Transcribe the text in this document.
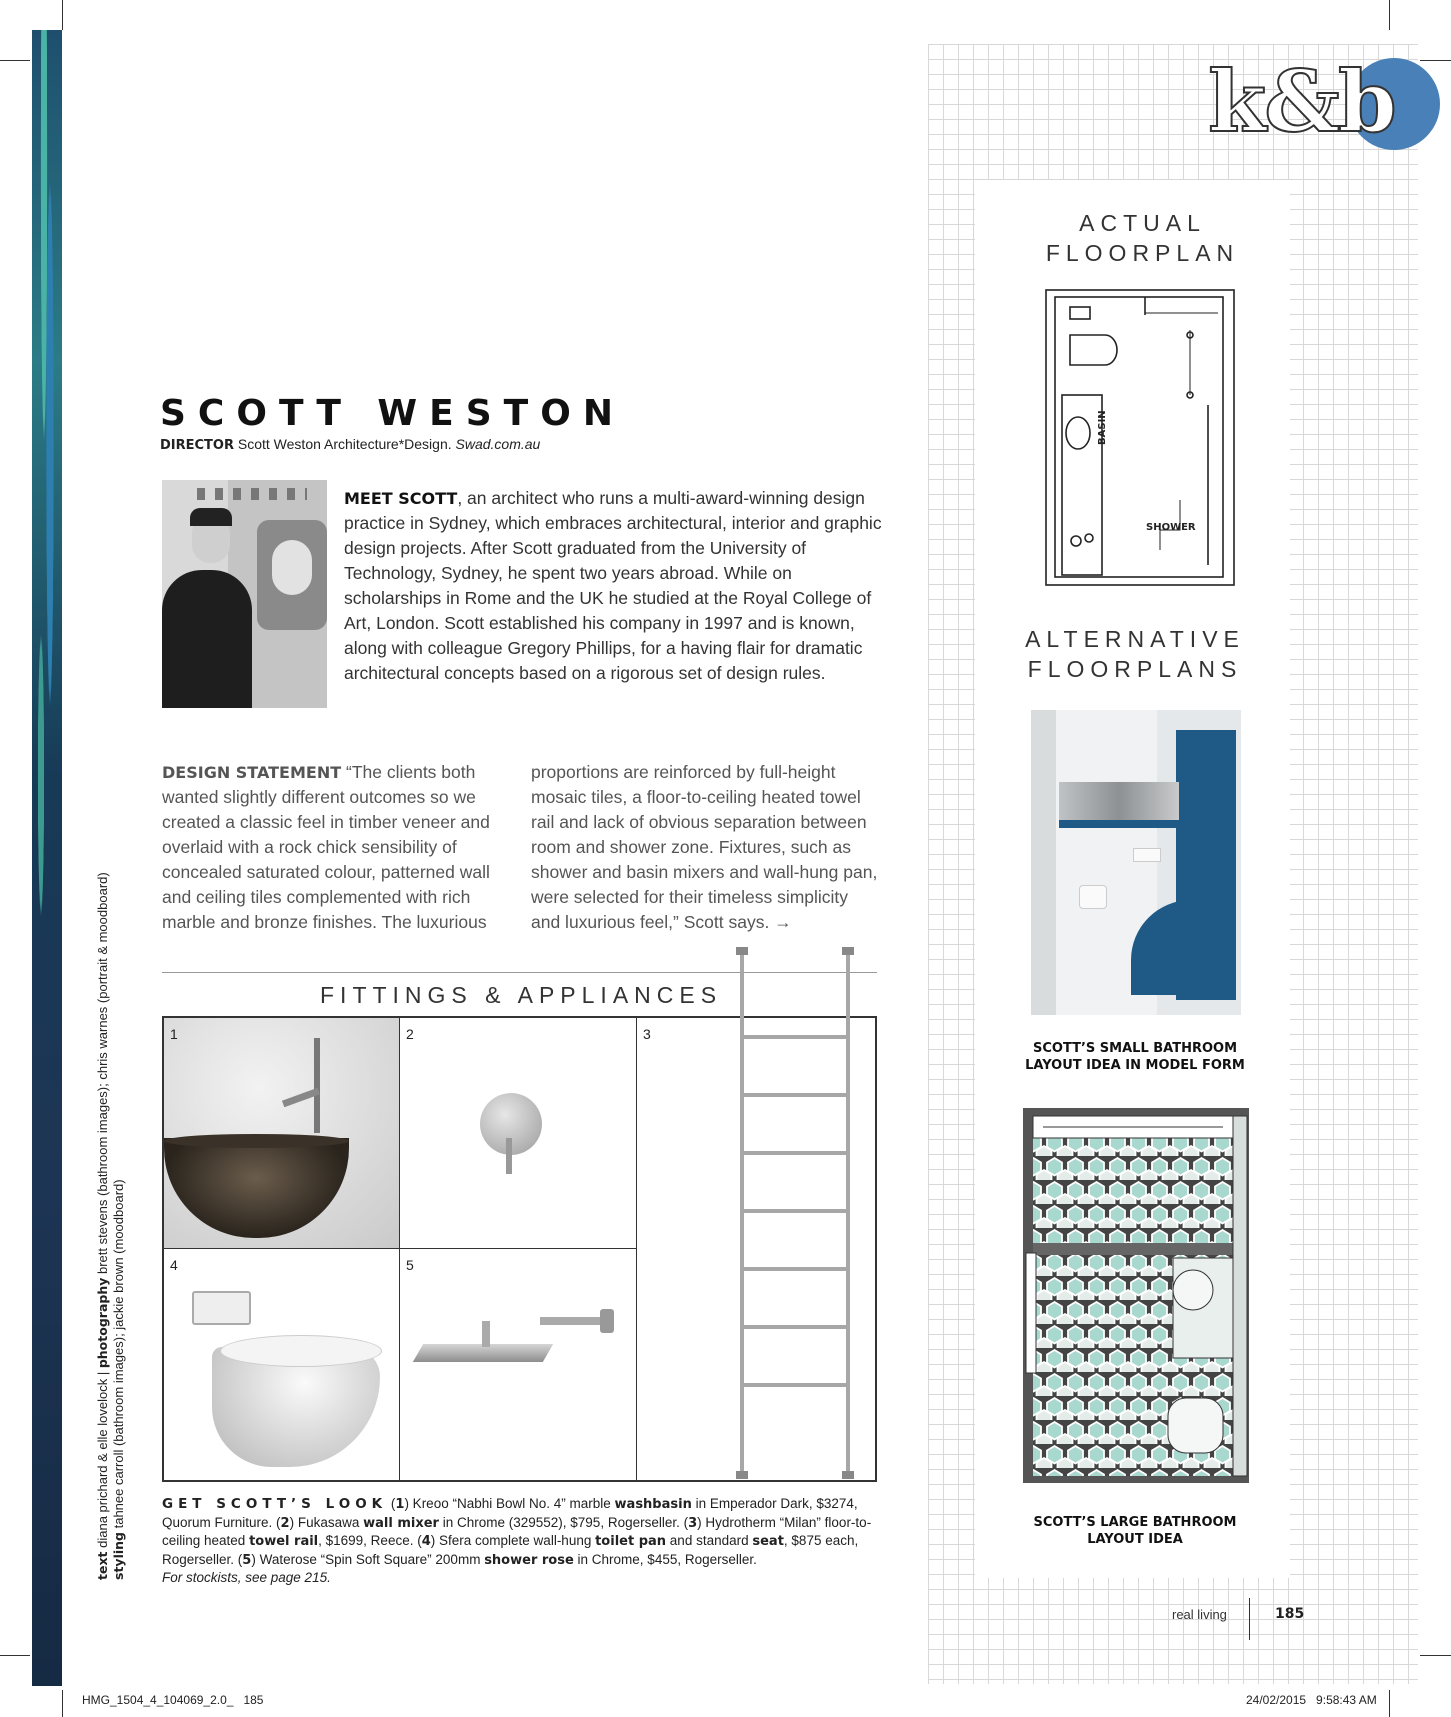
k&b
ACTUAL
FLOORPLAN
BASIN
SHOWER
ALTERNATIVE
FLOORPLANS
SCOTT’S SMALL BATHROOM
LAYOUT IDEA IN MODEL FORM
SCOTT’S LARGE BATHROOM
LAYOUT IDEA
SCOTT WESTON
DIRECTOR Scott Weston Architecture*Design. Swad.com.au
MEET SCOTT, an architect who runs a multi-award-winning design practice in Sydney, which embraces architectural, interior and graphic design projects. After Scott graduated from the University of Technology, Sydney, he spent two years abroad. While on scholarships in Rome and the UK he studied at the Royal College of Art, London. Scott established his company in 1997 and is known, along with colleague Gregory Phillips, for a having flair for dramatic architectural concepts based on a rigorous set of design rules.
DESIGN STATEMENT “The clients both wanted slightly different outcomes so we created a classic feel in timber veneer and overlaid with a rock chick sensibility of concealed saturated colour, patterned wall and ceiling tiles complemented with rich marble and bronze finishes. The luxurious
proportions are reinforced by full-height mosaic tiles, a floor-to-ceiling heated towel rail and lack of obvious separation between room and shower zone. Fixtures, such as shower and basin mixers and wall-hung pan, were selected for their timeless simplicity and luxurious feel,” Scott says. →
FITTINGS & APPLIANCES
1	2	3
4	5
GET SCOTT’S LOOK (1) Kreoo “Nabhi Bowl No. 4” marble washbasin in Emperador Dark, $3274, Quorum Furniture. (2) Fukasawa wall mixer in Chrome (329552), $795, Rogerseller. (3) Hydrotherm “Milan” floor-to-ceiling heated towel rail, $1699, Reece. (4) Sfera complete wall-hung toilet pan and standard seat, $875 each, Rogerseller. (5) Waterose “Spin Soft Square” 200mm shower rose in Chrome, $455, Rogerseller.
For stockists, see page 215.
text diana prichard & elle lovelock | photography brett stevens (bathroom images); chris warnes (portrait & moodboard)
styling tahnee carroll (bathroom images); jackie brown (moodboard)
real living	185
HMG_1504_4_104069_2.0_   185	24/02/2015   9:58:43 AM
